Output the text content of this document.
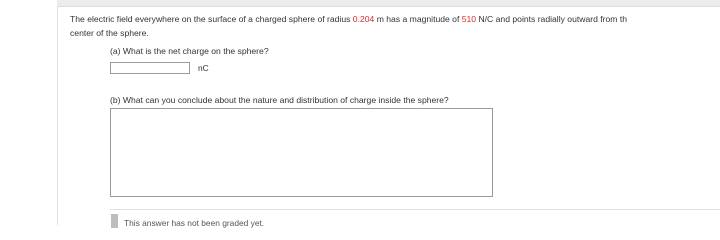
The electric field everywhere on the surface of a charged sphere of radius 0.204 m has a magnitude of 510 N/C and points radially outward from th
center of the sphere.
(a) What is the net charge on the sphere?
nC
(b) What can you conclude about the nature and distribution of charge inside the sphere?
This answer has not been graded yet.
